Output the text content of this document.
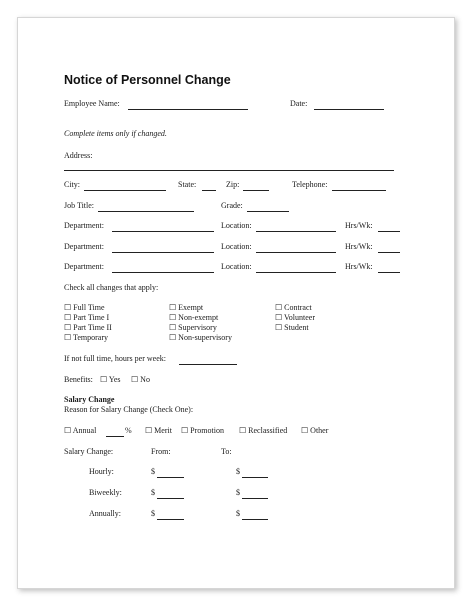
Notice of Personnel Change
Employee Name:	Date:
Complete items only if changed.
Address:
City:	State:	Zip:	Telephone:
Job Title:	Grade:
Department:	Location:	Hrs/Wk:
Department:	Location:	Hrs/Wk:
Department:	Location:	Hrs/Wk:
Check all changes that apply:
☐ Full Time
☐ Part Time I
☐ Part Time II
☐ Temporary
☐ Exempt
☐ Non-exempt
☐ Supervisory
☐ Non-supervisory
☐ Contract
☐ Volunteer
☐ Student
If not full time, hours per week:
Benefits: ☐ Yes ☐ No
Salary Change
Reason for Salary Change (Check One):
☐ Annual	% ☐ Merit ☐ Promotion ☐ Reclassified ☐ Other
Salary Change:	From:	To:
Hourly:	$	$
Biweekly:	$	$
Annually:	$	$
